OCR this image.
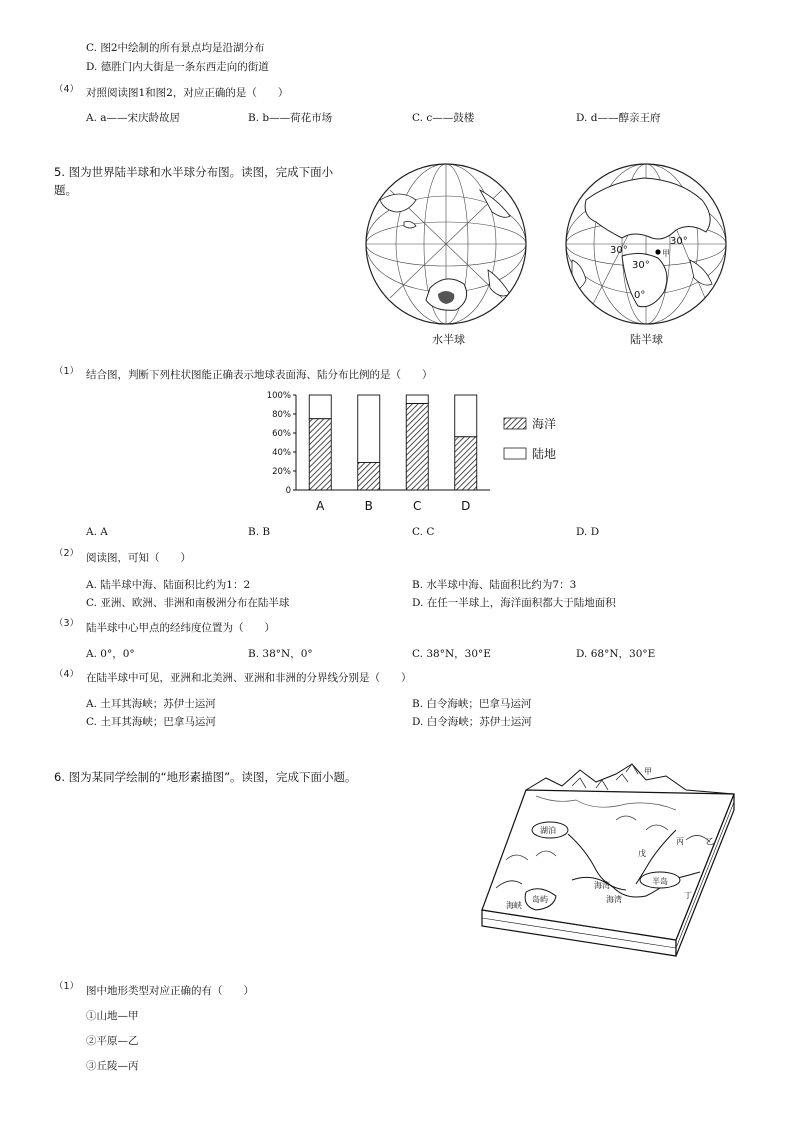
C. 图2中绘制的所有景点均是沿湖分布
D. 德胜门内大街是一条东西走向的街道
（4） 对照阅读图1和图2，对应正确的是（　　）
A. a——宋庆龄故居	B. b——荷花市场	C. c——鼓楼	D. d——醇亲王府
5. 图为世界陆半球和水半球分布图。读图，完成下面小
题。
水半球
30°
30°
30°
0°
甲
陆半球
（1） 结合图，判断下列柱状图能正确表示地球表面海、陆分布比例的是（　　）
0
20%
40%
60%
80%
100%
A	B	C	D
海洋
陆地
A. A	B. B	C. C	D. D
（2） 阅读图，可知（　　）
A. 陆半球中海、陆面积比约为1：2	B. 水半球中海、陆面积比约为7：3
C. 亚洲、欧洲、非洲和南极洲分布在陆半球	D. 在任一半球上，海洋面积都大于陆地面积
（3） 陆半球中心甲点的经纬度位置为（　　）
A. 0°，0°	B. 38°N，0°	C. 38°N，30°E	D. 68°N，30°E
（4） 在陆半球中可见，亚洲和北美洲、亚洲和非洲的分界线分别是（　　）
A. 土耳其海峡；苏伊士运河	B. 白令海峡；巴拿马运河
C. 土耳其海峡；巴拿马运河	D. 白令海峡；苏伊士运河
6. 图为某同学绘制的“地形素描图”。读图，完成下面小题。	甲
湖泊
丙
戊
乙
半岛
海湾
海湾
岛屿	丁
海峡
（1） 图中地形类型对应正确的有（　　）
①山地—甲
②平原—乙
③丘陵—丙
